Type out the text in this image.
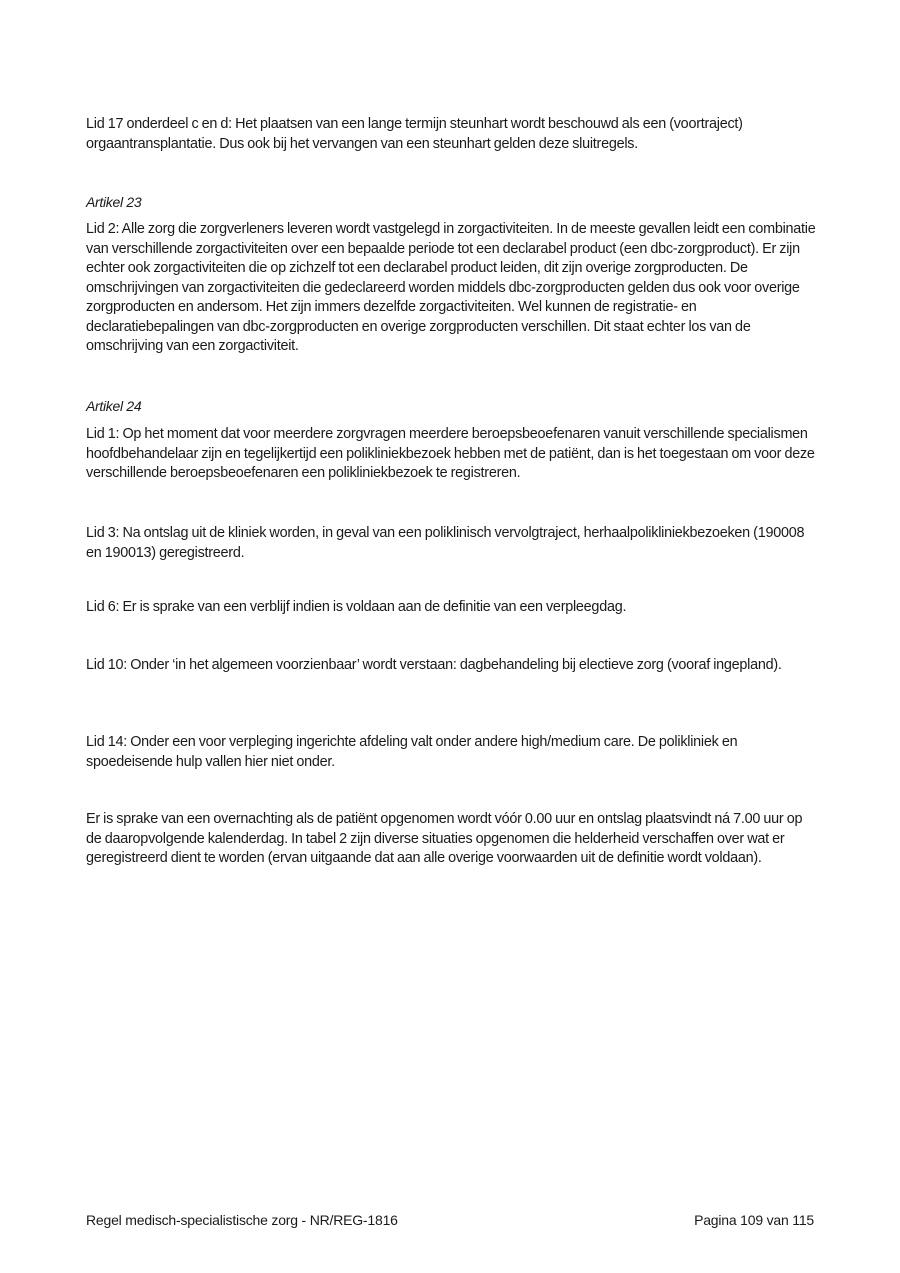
Lid 17 onderdeel c en d: Het plaatsen van een lange termijn steunhart wordt beschouwd als een (voortraject) orgaantransplantatie. Dus ook bij het vervangen van een steunhart gelden deze sluitregels.

Artikel 23

Lid 2: Alle zorg die zorgverleners leveren wordt vastgelegd in zorgactiviteiten. In de meeste gevallen leidt een combinatie van verschillende zorgactiviteiten over een bepaalde periode tot een declarabel product (een dbc-zorgproduct). Er zijn echter ook zorgactiviteiten die op zichzelf tot een declarabel product leiden, dit zijn overige zorgproducten. De omschrijvingen van zorgactiviteiten die gedeclareerd worden middels dbc-zorgproducten gelden dus ook voor overige zorgproducten en andersom. Het zijn immers dezelfde zorgactiviteiten. Wel kunnen de registratie- en declaratiebepalingen van dbc-zorgproducten en overige zorgproducten verschillen. Dit staat echter los van de omschrijving van een zorgactiviteit.

Artikel 24

Lid 1: Op het moment dat voor meerdere zorgvragen meerdere beroepsbeoefenaren vanuit verschillende specialismen hoofdbehandelaar zijn en tegelijkertijd een polikliniekbezoek hebben met de patiënt, dan is het toegestaan om voor deze verschillende beroepsbeoefenaren een polikliniekbezoek te registreren.

Lid 3: Na ontslag uit de kliniek worden, in geval van een poliklinisch vervolgtraject, herhaalpolikliniekbezoeken (190008 en 190013) geregistreerd.

Lid 6: Er is sprake van een verblijf indien is voldaan aan de definitie van een verpleegdag.

Lid 10: Onder ‘in het algemeen voorzienbaar’ wordt verstaan: dagbehandeling bij electieve zorg (vooraf ingepland).

Lid 14: Onder een voor verpleging ingerichte afdeling valt onder andere high/medium care. De polikliniek en spoedeisende hulp vallen hier niet onder.

Er is sprake van een overnachting als de patiënt opgenomen wordt vóór 0.00 uur en ontslag plaatsvindt ná 7.00 uur op de daaropvolgende kalenderdag. In tabel 2 zijn diverse situaties opgenomen die helderheid verschaffen over wat er geregistreerd dient te worden (ervan uitgaande dat aan alle overige voorwaarden uit de definitie wordt voldaan).

Regel medisch-specialistische zorg - NR/REG-1816	Pagina 109 van 115
